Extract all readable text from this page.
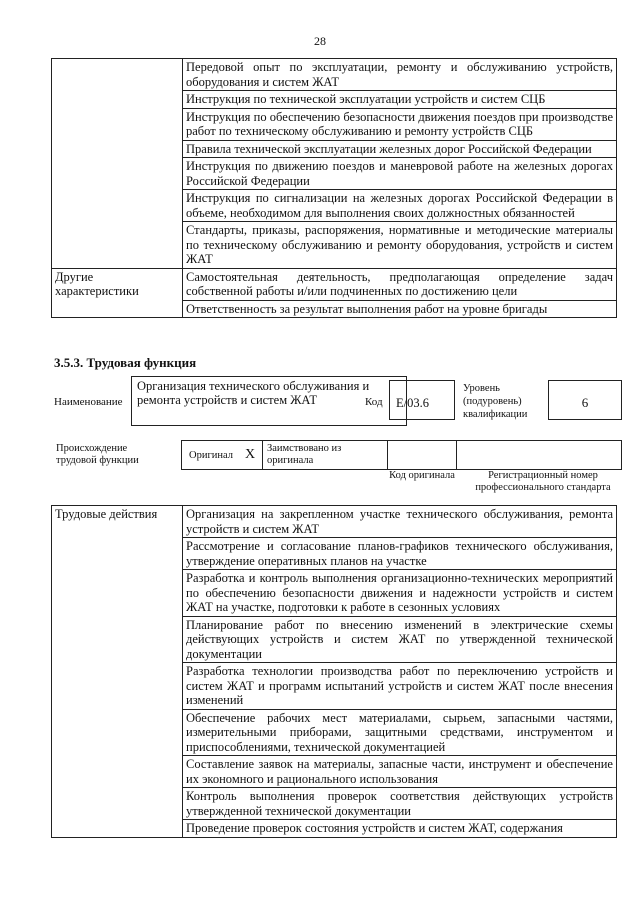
28
	Передовой опыт по эксплуатации, ремонту и обслуживанию устройств, оборудования и систем ЖАТ
	Инструкция по технической эксплуатации устройств и систем СЦБ
	Инструкция по обеспечению безопасности движения поездов при производстве работ по техническому обслуживанию и ремонту устройств СЦБ
	Правила технической эксплуатации железных дорог Российской Федерации
	Инструкция по движению поездов и маневровой работе на железных дорогах Российской Федерации
	Инструкция по сигнализации на железных дорогах Российской Федерации в объеме, необходимом для выполнения своих должностных обязанностей
	Стандарты, приказы, распоряжения, нормативные и методические материалы по техническому обслуживанию и ремонту оборудования, устройств и систем ЖАТ
Другие характеристики	Самостоятельная деятельность, предполагающая определение задач собственной работы и/или подчиненных по достижению цели
	Ответственность за результат выполнения работ на уровне бригады
3.5.3. Трудовая функция
Наименование
Организация технического обслуживания и ремонта устройств и систем ЖАТ	Код	E/03.6
Уровень (подуровень) квалификации
6
Происхождение трудовой функции	Оригинал X	Заимствовано из оригинала
Код оригинала	Регистрационный номер профессионального стандарта
Трудовые действия	Организация на закрепленном участке технического обслуживания, ремонта устройств и систем ЖАТ
Рассмотрение и согласование планов-графиков технического обслуживания, утверждение оперативных планов на участке
Разработка и контроль выполнения организационно-технических мероприятий по обеспечению безопасности движения и надежности устройств и систем ЖАТ на участке, подготовки к работе в сезонных условиях
Планирование работ по внесению изменений в электрические схемы действующих устройств и систем ЖАТ по утвержденной технической документации
Разработка технологии производства работ по переключению устройств и систем ЖАТ и программ испытаний устройств и систем ЖАТ после внесения изменений
Обеспечение рабочих мест материалами, сырьем, запасными частями, измерительными приборами, защитными средствами, инструментом и приспособлениями, технической документацией
Составление заявок на материалы, запасные части, инструмент и обеспечение их экономного и рационального использования
Контроль выполнения проверок соответствия действующих устройств утвержденной технической документации
Проведение проверок состояния устройств и систем ЖАТ, содержания
